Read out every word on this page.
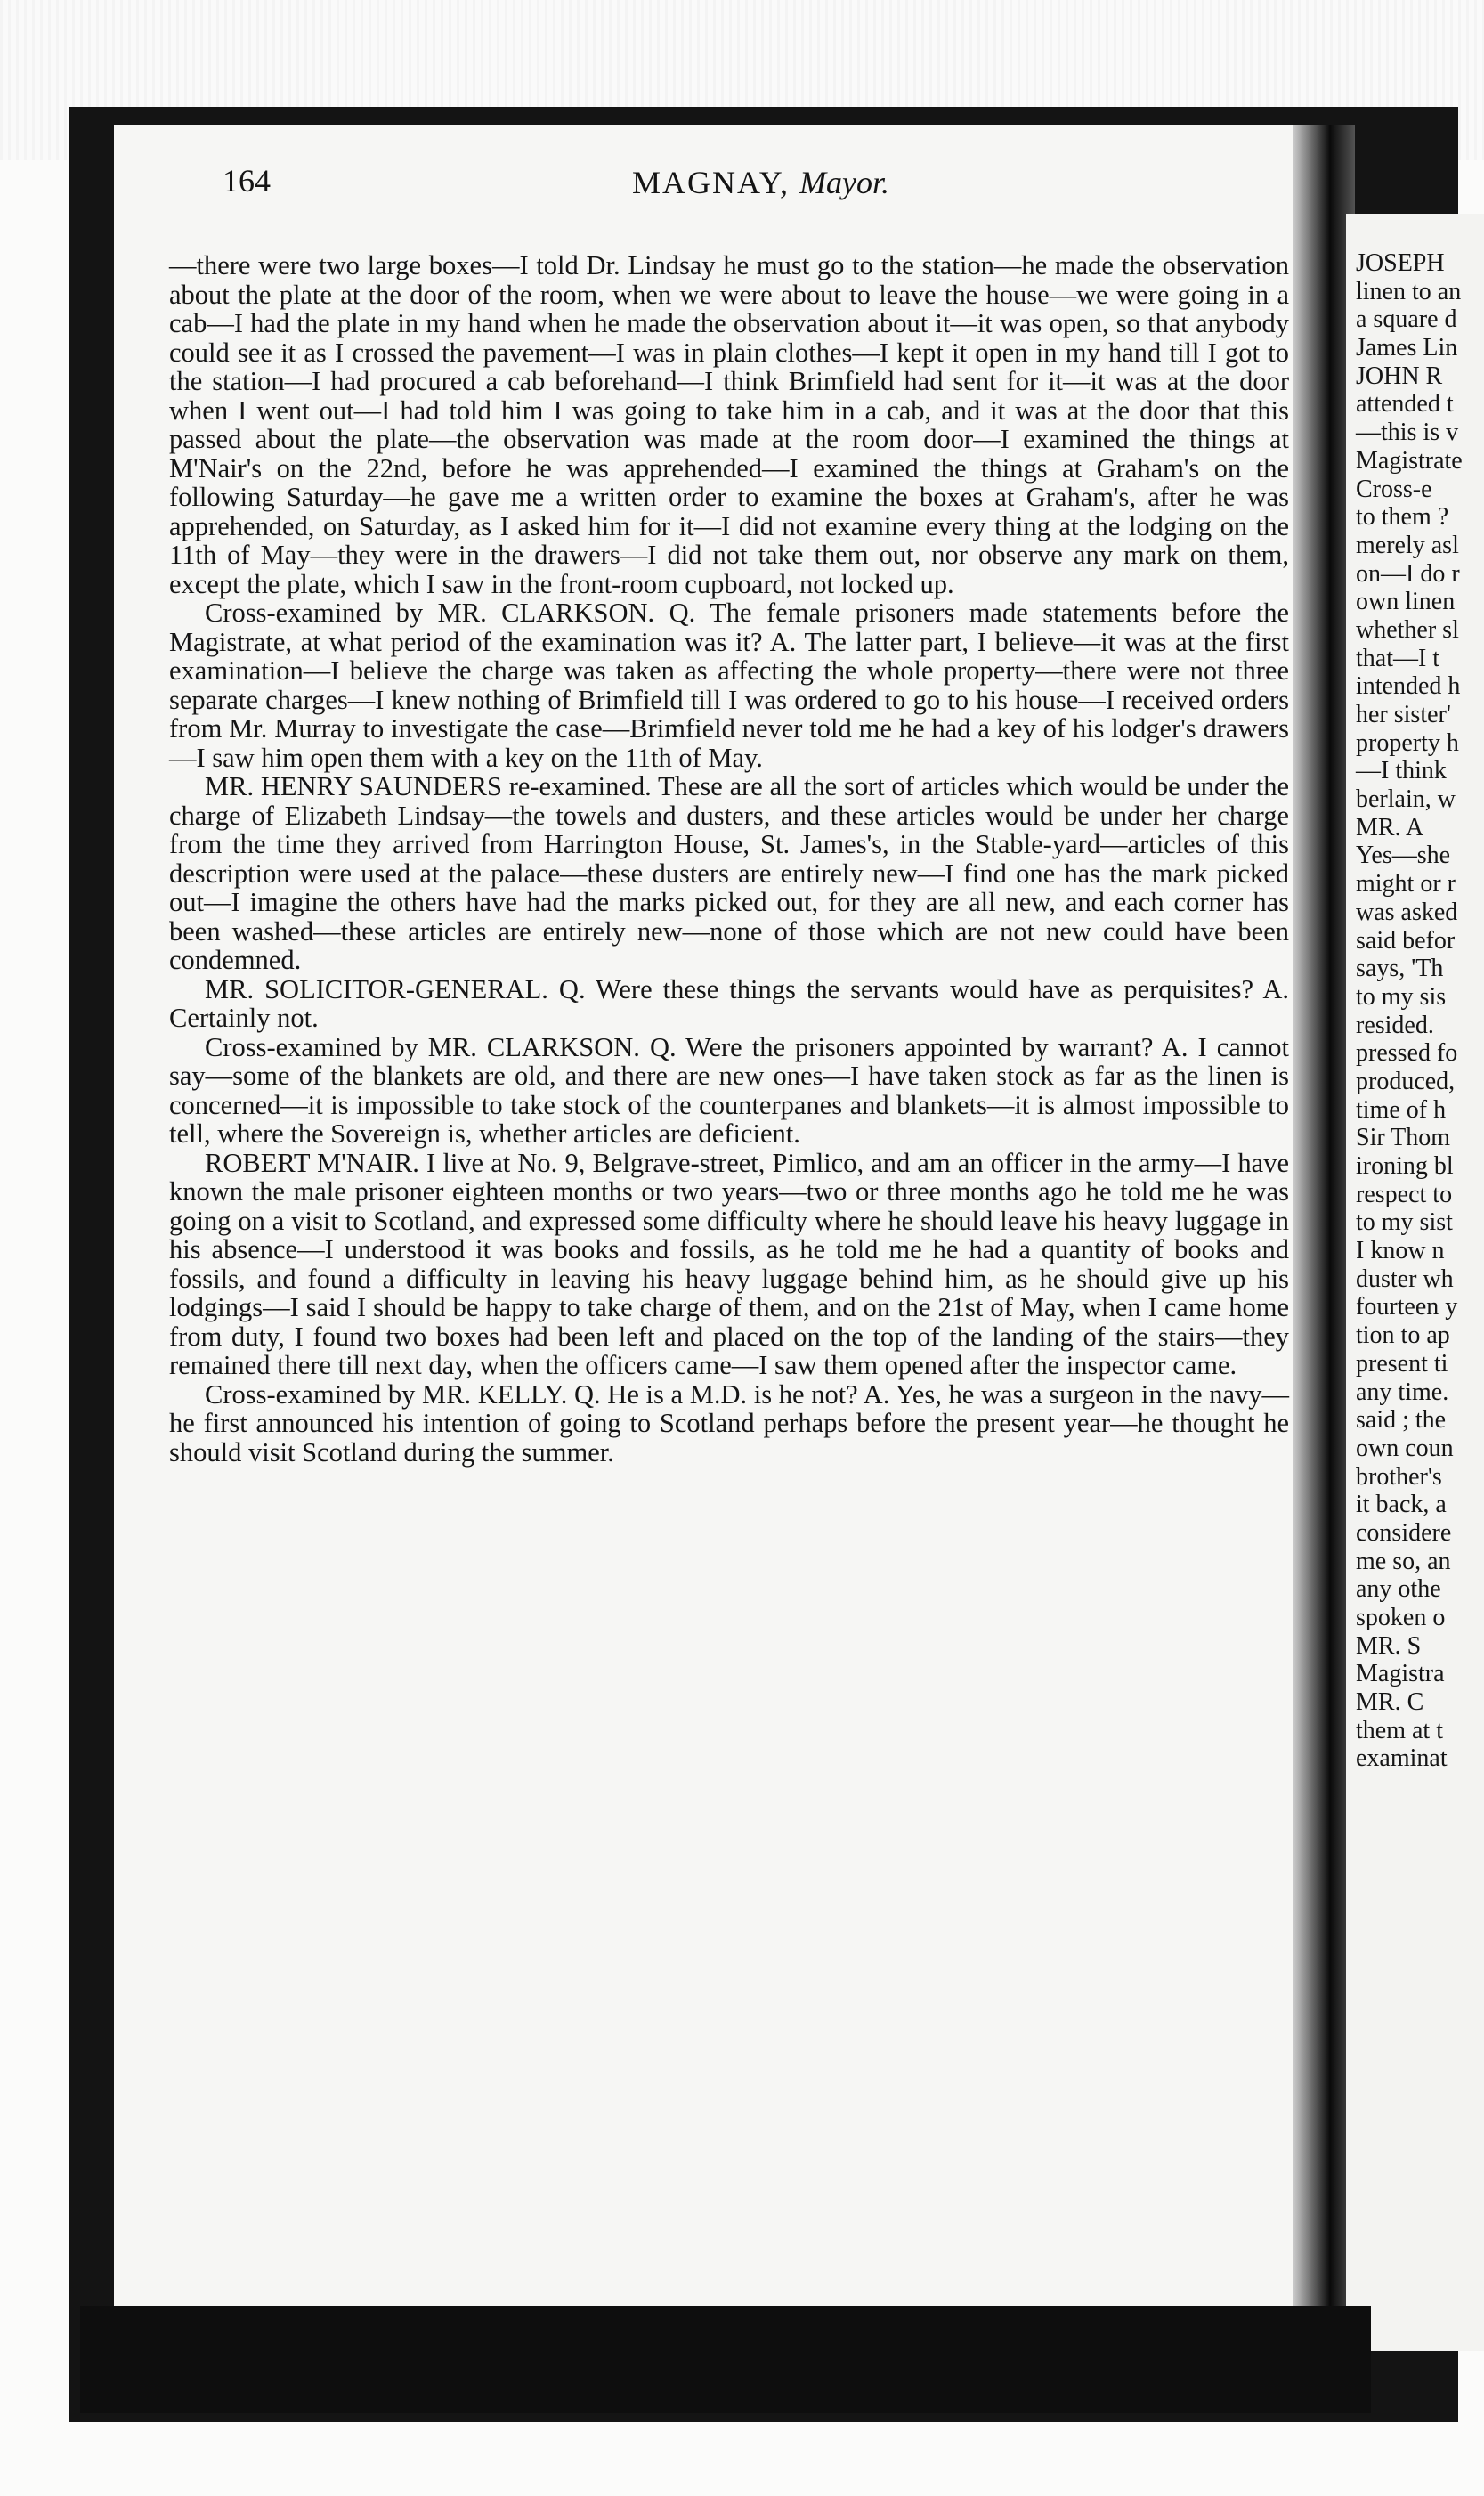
164	MAGNAY, Mayor.

—there were two large boxes—I told Dr. Lindsay he must go to the station—he made the observation about the plate at the door of the room, when we were about to leave the house—we were going in a cab—I had the plate in my hand when he made the observation about it—it was open, so that anybody could see it as I crossed the pavement—I was in plain clothes—I kept it open in my hand till I got to the station—I had procured a cab beforehand—I think Brimfield had sent for it—it was at the door when I went out—I had told him I was going to take him in a cab, and it was at the door that this passed about the plate—the observation was made at the room door—I examined the things at M'Nair's on the 22nd, before he was apprehended—I examined the things at Graham's on the following Saturday—he gave me a written order to examine the boxes at Graham's, after he was apprehended, on Saturday, as I asked him for it—I did not examine every thing at the lodging on the 11th of May—they were in the drawers—I did not take them out, nor observe any mark on them, except the plate, which I saw in the front-room cupboard, not locked up.

Cross-examined by MR. CLARKSON. Q. The female prisoners made statements before the Magistrate, at what period of the examination was it? A. The latter part, I believe—it was at the first examination—I believe the charge was taken as affecting the whole property—there were not three separate charges—I knew nothing of Brimfield till I was ordered to go to his house—I received orders from Mr. Murray to investigate the case—Brimfield never told me he had a key of his lodger's drawers—I saw him open them with a key on the 11th of May.

MR. HENRY SAUNDERS re-examined. These are all the sort of articles which would be under the charge of Elizabeth Lindsay—the towels and dusters, and these articles would be under her charge from the time they arrived from Harrington House, St. James's, in the Stable-yard—articles of this description were used at the palace—these dusters are entirely new—I find one has the mark picked out—I imagine the others have had the marks picked out, for they are all new, and each corner has been washed—these articles are entirely new—none of those which are not new could have been condemned.

MR. SOLICITOR-GENERAL. Q. Were these things the servants would have as perquisites? A. Certainly not.

Cross-examined by MR. CLARKSON. Q. Were the prisoners appointed by warrant? A. I cannot say—some of the blankets are old, and there are new ones—I have taken stock as far as the linen is concerned—it is impossible to take stock of the counterpanes and blankets—it is almost impossible to tell, where the Sovereign is, whether articles are deficient.

ROBERT M'NAIR. I live at No. 9, Belgrave-street, Pimlico, and am an officer in the army—I have known the male prisoner eighteen months or two years—two or three months ago he told me he was going on a visit to Scotland, and expressed some difficulty where he should leave his heavy luggage in his absence—I understood it was books and fossils, as he told me he had a quantity of books and fossils, and found a difficulty in leaving his heavy luggage behind him, as he should give up his lodgings—I said I should be happy to take charge of them, and on the 21st of May, when I came home from duty, I found two boxes had been left and placed on the top of the landing of the stairs—they remained there till next day, when the officers came—I saw them opened after the inspector came.

Cross-examined by MR. KELLY. Q. He is a M.D. is he not? A. Yes, he was a surgeon in the navy—he first announced his intention of going to Scotland perhaps before the present year—he thought he should visit Scotland during the summer.

JOSEPH
linen to an
a square d
James Lin
JOHN R
attended t
—this is v
Magistrate
Cross-e
to them ?
merely asl
on—I do r
own linen
whether sl
that—I t
intended h
her sister'
property h
—I think
berlain, w
MR. A
Yes—she
might or r
was asked
said befor
says, 'Th
to my sis
resided.
pressed fo
produced,
time of h
Sir Thom
ironing bl
respect to
to my sist
I know n
duster wh
fourteen y
tion to ap
present ti
any time.
said ; the
own coun
brother's
it back, a
considere
me so, an
any othe
spoken o
MR. S
Magistra
MR. C
them at t
examinat
